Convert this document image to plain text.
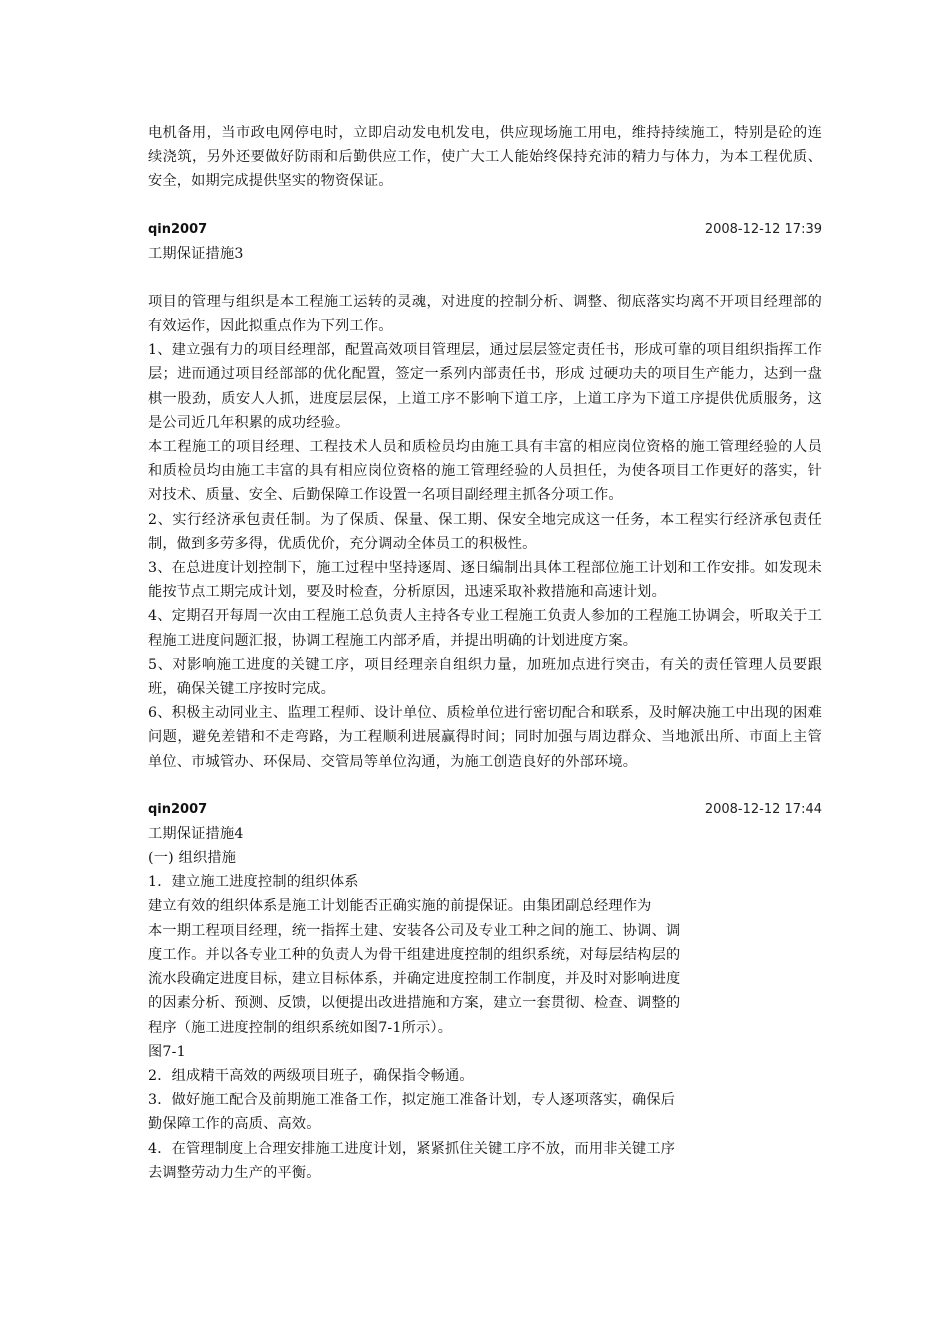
电机备用，当市政电网停电时，立即启动发电机发电，供应现场施工用电，维持持续施工，特别是砼的连续浇筑，另外还要做好防雨和后勤供应工作，使广大工人能始终保持充沛的精力与体力，为本工程优质、安全，如期完成提供坚实的物资保证。

qin2007	2008-12-12 17:39

工期保证措施3

项目的管理与组织是本工程施工运转的灵魂，对进度的控制分析、调整、彻底落实均离不开项目经理部的有效运作，因此拟重点作为下列工作。

1、建立强有力的项目经理部，配置高效项目管理层，通过层层签定责任书，形成可靠的项目组织指挥工作层；进而通过项目经部部的优化配置，签定一系列内部责任书，形成 过硬功夫的项目生产能力，达到一盘棋一股劲，质安人人抓，进度层层保，上道工序不影响下道工序，上道工序为下道工序提供优质服务，这是公司近几年积累的成功经验。

本工程施工的项目经理、工程技术人员和质检员均由施工具有丰富的相应岗位资格的施工管理经验的人员和质检员均由施工丰富的具有相应岗位资格的施工管理经验的人员担任，为使各项目工作更好的落实，针对技术、质量、安全、后勤保障工作设置一名项目副经理主抓各分项工作。

2、实行经济承包责任制。为了保质、保量、保工期、保安全地完成这一任务，本工程实行经济承包责任制，做到多劳多得，优质优价，充分调动全体员工的积极性。

3、在总进度计划控制下，施工过程中坚持逐周、逐日编制出具体工程部位施工计划和工作安排。如发现未能按节点工期完成计划，要及时检查，分析原因，迅速采取补救措施和高速计划。

4、定期召开每周一次由工程施工总负责人主持各专业工程施工负责人参加的工程施工协调会，听取关于工程施工进度问题汇报，协调工程施工内部矛盾，并提出明确的计划进度方案。

5、对影响施工进度的关键工序，项目经理亲自组织力量，加班加点进行突击，有关的责任管理人员要跟班，确保关键工序按时完成。

6、积极主动同业主、监理工程师、设计单位、质检单位进行密切配合和联系，及时解决施工中出现的困难问题，避免差错和不走弯路，为工程顺利进展赢得时间；同时加强与周边群众、当地派出所、市面上主管单位、市城管办、环保局、交管局等单位沟通，为施工创造良好的外部环境。

qin2007	2008-12-12 17:44

工期保证措施4

(一) 组织措施

1．建立施工进度控制的组织体系

建立有效的组织体系是施工计划能否正确实施的前提保证。由集团副总经理作为

本一期工程项目经理，统一指挥土建、安装各公司及专业工种之间的施工、协调、调

度工作。并以各专业工种的负责人为骨干组建进度控制的组织系统，对每层结构层的

流水段确定进度目标，建立目标体系，并确定进度控制工作制度，并及时对影响进度

的因素分析、预测、反馈，以便提出改进措施和方案，建立一套贯彻、检查、调整的

程序（施工进度控制的组织系统如图7-1所示）。

图7-1

2．组成精干高效的两级项目班子，确保指令畅通。

3．做好施工配合及前期施工准备工作，拟定施工准备计划，专人逐项落实，确保后

勤保障工作的高质、高效。

4．在管理制度上合理安排施工进度计划，紧紧抓住关键工序不放，而用非关键工序

去调整劳动力生产的平衡。
